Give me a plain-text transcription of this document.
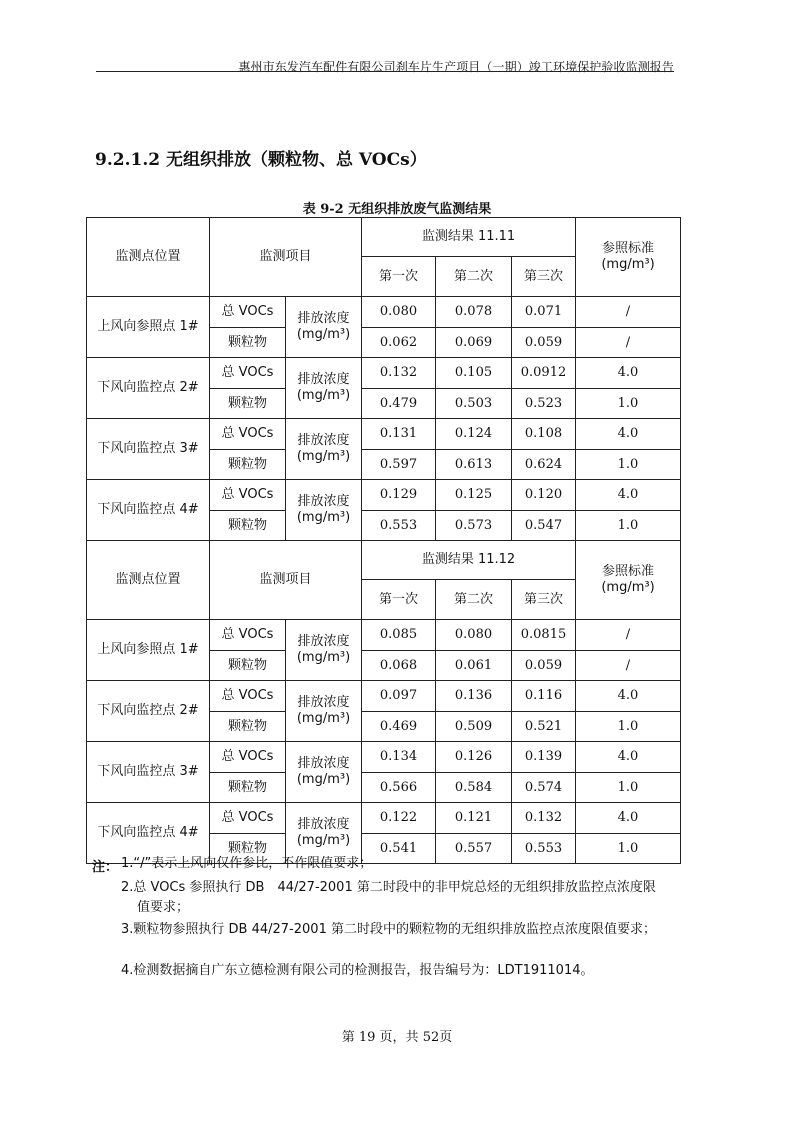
惠州市东发汽车配件有限公司刹车片生产项目（一期）竣工环境保护验收监测报告
9.2.1.2 无组织排放（颗粒物、总 VOCs）
表 9-2 无组织排放废气监测结果
监测点位置	监测项目		监测结果 11.11			参照标准
(mg/m³)
			第一次	第二次	第三次	
上风向参照点 1#	总 VOCs	排放浓度
(mg/m³)	0.080	0.078	0.071	/
	颗粒物		0.062	0.069	0.059	/
下风向监控点 2#	总 VOCs	排放浓度
(mg/m³)	0.132	0.105	0.0912	4.0
	颗粒物		0.479	0.503	0.523	1.0
下风向监控点 3#	总 VOCs	排放浓度
(mg/m³)	0.131	0.124	0.108	4.0
	颗粒物		0.597	0.613	0.624	1.0
下风向监控点 4#	总 VOCs	排放浓度
(mg/m³)	0.129	0.125	0.120	4.0
	颗粒物		0.553	0.573	0.547	1.0
监测点位置	监测项目		监测结果 11.12			参照标准
(mg/m³)
			第一次	第二次	第三次	
上风向参照点 1#	总 VOCs	排放浓度
(mg/m³)	0.085	0.080	0.0815	/
	颗粒物		0.068	0.061	0.059	/
下风向监控点 2#	总 VOCs	排放浓度
(mg/m³)	0.097	0.136	0.116	4.0
	颗粒物		0.469	0.509	0.521	1.0
下风向监控点 3#	总 VOCs	排放浓度
(mg/m³)	0.134	0.126	0.139	4.0
	颗粒物		0.566	0.584	0.574	1.0
下风向监控点 4#	总 VOCs	排放浓度
(mg/m³)	0.122	0.121	0.132	4.0
	颗粒物		0.541	0.557	0.553	1.0
注： 1.“/”表示上风向仅作参比，不作限值要求；
2.总 VOCs 参照执行 DB　44/27-2001 第二时段中的非甲烷总烃的无组织排放监控点浓度限
值要求；
3.颗粒物参照执行 DB 44/27-2001 第二时段中的颗粒物的无组织排放监控点浓度限值要求；
4.检测数据摘自广东立德检测有限公司的检测报告，报告编号为：LDT1911014。
第 19 页，共 52页
